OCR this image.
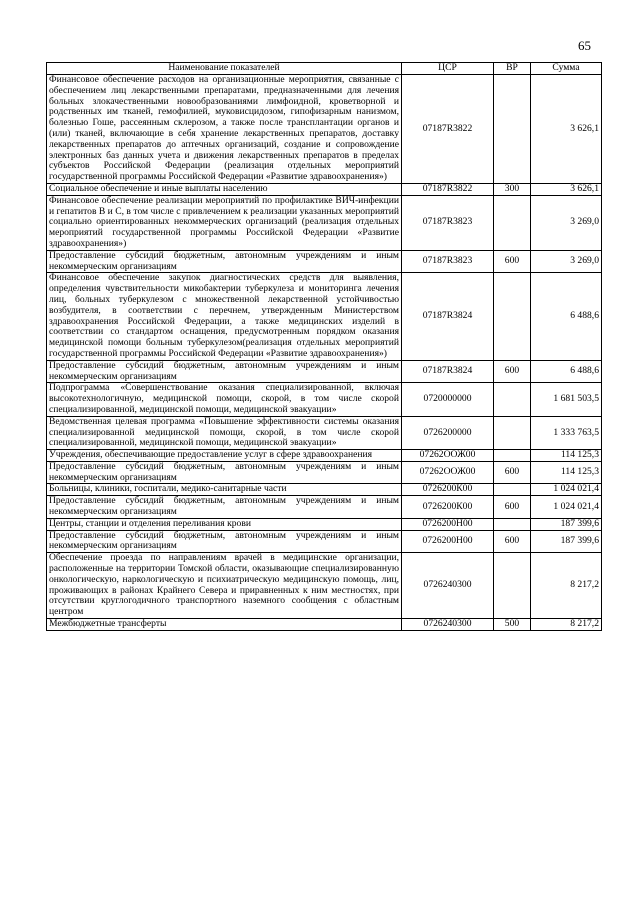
65
Наименование показателей	ЦСР	ВР	Сумма
Финансовое обеспечение расходов на организационные мероприятия, связанные с обеспечением лиц лекарственными препаратами, предназначенными для лечения больных злокачественными новообразованиями лимфоидной, кроветворной и родственных им тканей, гемофилией, муковисцидозом, гипофизарным нанизмом, болезнью Гоше, рассеянным склерозом, а также после трансплантации органов и (или) тканей, включающие в себя хранение лекарственных препаратов, доставку лекарственных препаратов до аптечных организаций, создание и сопровождение электронных баз данных учета и движения лекарственных препаратов в пределах субъектов Российской Федерации (реализация отдельных мероприятий государственной программы Российской Федерации «Развитие здравоохранения»)	07187R3822		3 626,1
Социальное обеспечение и иные выплаты населению	07187R3822	300	3 626,1
Финансовое обеспечение реализации мероприятий по профилактике ВИЧ-инфекции и гепатитов В и С, в том числе с привлечением к реализации указанных мероприятий социально ориентированных некоммерческих организаций (реализация отдельных мероприятий государственной программы Российской Федерации «Развитие здравоохранения»)	07187R3823		3 269,0
Предоставление субсидий бюджетным, автономным учреждениям и иным некоммерческим организациям	07187R3823	600	3 269,0
Финансовое обеспечение закупок диагностических средств для выявления, определения чувствительности микобактерии туберкулеза и мониторинга лечения лиц, больных туберкулезом с множественной лекарственной устойчивостью возбудителя, в соответствии с перечнем, утвержденным Министерством здравоохранения Российской Федерации, а также медицинских изделий в соответствии со стандартом оснащения, предусмотренным порядком оказания медицинской помощи больным туберкулезом(реализация отдельных мероприятий государственной программы Российской Федерации «Развитие здравоохранения»)	07187R3824		6 488,6
Предоставление субсидий бюджетным, автономным учреждениям и иным некоммерческим организациям	07187R3824	600	6 488,6
Подпрограмма «Совершенствование оказания специализированной, включая высокотехнологичную, медицинской помощи, скорой, в том числе скорой специализированной, медицинской помощи, медицинской эвакуации»	0720000000		1 681 503,5
Ведомственная целевая программа «Повышение эффективности системы оказания специализированной медицинской помощи, скорой, в том числе скорой специализированной, медицинской помощи, медицинской эвакуации»	0726200000		1 333 763,5
Учреждения, обеспечивающие предоставление услуг в сфере здравоохранения	07262ООЖ00		114 125,3
Предоставление субсидий бюджетным, автономным учреждениям и иным некоммерческим организациям	07262ООЖ00	600	114 125,3
Больницы, клиники, госпитали, медико-санитарные части	0726200К00		1 024 021,4
Предоставление субсидий бюджетным, автономным учреждениям и иным некоммерческим организациям	0726200К00	600	1 024 021,4
Центры, станции и отделения переливания крови	0726200Н00		187 399,6
Предоставление субсидий бюджетным, автономным учреждениям и иным некоммерческим организациям	0726200Н00	600	187 399,6
Обеспечение проезда по направлениям врачей в медицинские организации, расположенные на территории Томской области, оказывающие специализированную онкологическую, наркологическую и психиатрическую медицинскую помощь, лиц, проживающих в районах Крайнего Севера и приравненных к ним местностях, при отсутствии круглогодичного транспортного наземного сообщения с областным центром	0726240300		8 217,2
Межбюджетные трансферты	0726240300	500	8 217,2
